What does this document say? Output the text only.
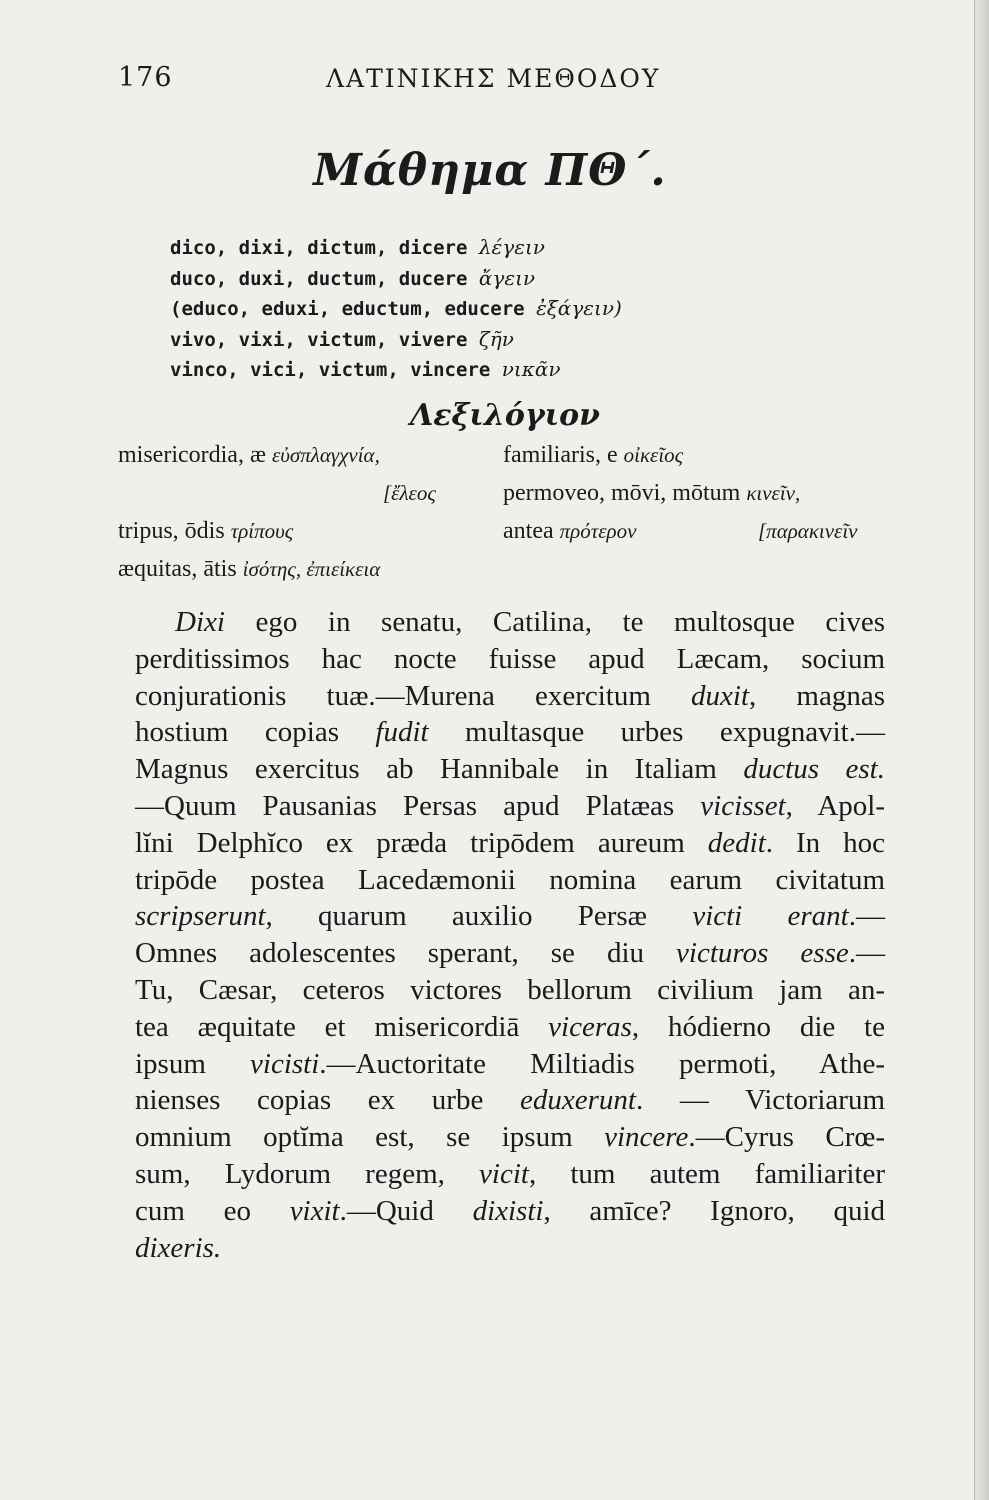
176	ΛΑΤΙΝΙΚΗΣ ΜΕΘΟΔΟΥ
Μάθημα ΠΘ΄.
dico, dixi, dictum, dicere λέγειν
duco, duxi, ductum, ducere ἄγειν
(educo, eduxi, eductum, educere ἐξάγειν)
vivo, vixi, victum, vivere ζῆν
vinco, vici, victum, vincere νικᾶν
Λεξιλόγιον
misericordia, æ εὐσπλαγχνία,	familiaris, e οἰκεῖος
[ἔλεος	permoveo, mōvi, mōtum κινεῖν,
tripus, ōdis τρίπους	antea πρότερον	[παρακινεῖν
æquitas, ātis ἰσότης, ἐπιείκεια
Dixi ego in senatu, Catilina, te multosque cives
perditissimos hac nocte fuisse apud Læcam, socium
conjurationis tuæ.—Murena exercitum duxit, magnas
hostium copias fudit multasque urbes expugnavit.—
Magnus exercitus ab Hannibale in Italiam ductus est.
—Quum Pausanias Persas apud Platæas vicisset, Apol-
lĭni Delphĭco ex præda tripōdem aureum dedit. In hoc
tripōde postea Lacedæmonii nomina earum civitatum
scripserunt, quarum auxilio Persæ victi erant.—
Omnes adolescentes sperant, se diu victuros esse.—
Tu, Cæsar, ceteros victores bellorum civilium jam an-
tea æquitate et misericordiā viceras, hódierno die te
ipsum vicisti.—Auctoritate Miltiadis permoti, Athe-
nienses copias ex urbe eduxerunt. — Victoriarum
omnium optĭma est, se ipsum vincere.—Cyrus Crœ-
sum, Lydorum regem, vicit, tum autem familiariter
cum eo vixit.—Quid dixisti, amīce? Ignoro, quid
dixeris.
